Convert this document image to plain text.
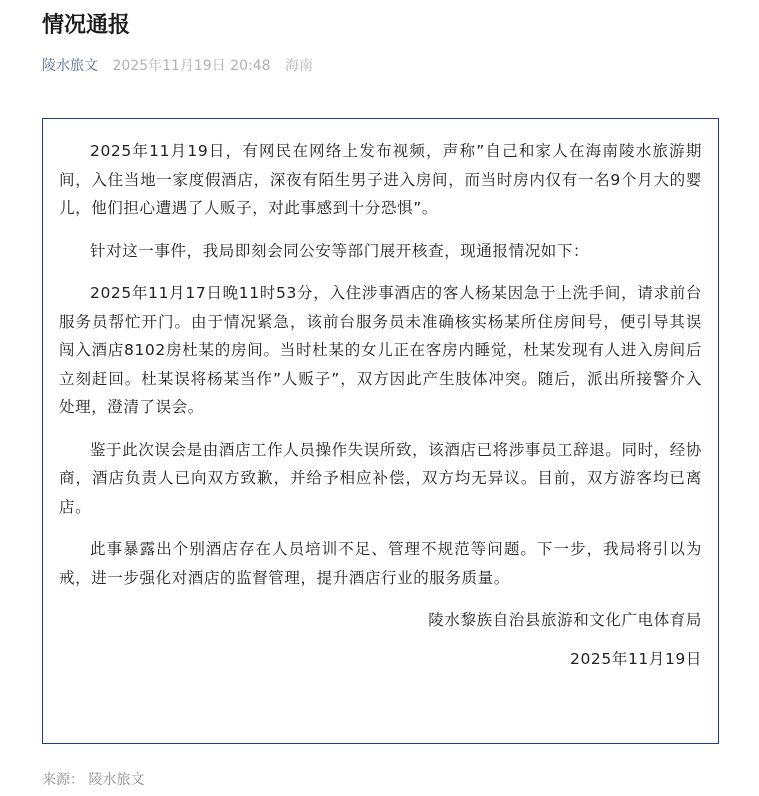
情况通报
陵水旅文 2025年11月19日 20:48 海南

2025年11月19日，有网民在网络上发布视频，声称”自己和家人在海南陵水旅游期间，入住当地一家度假酒店，深夜有陌生男子进入房间，而当时房内仅有一名9个月大的婴儿，他们担心遭遇了人贩子，对此事感到十分恐惧”。

针对这一事件，我局即刻会同公安等部门展开核查，现通报情况如下：

2025年11月17日晚11时53分，入住涉事酒店的客人杨某因急于上洗手间，请求前台服务员帮忙开门。由于情况紧急，该前台服务员未准确核实杨某所住房间号，便引导其误闯入酒店8102房杜某的房间。当时杜某的女儿正在客房内睡觉，杜某发现有人进入房间后立刻赶回。杜某误将杨某当作”人贩子”，双方因此产生肢体冲突。随后，派出所接警介入处理，澄清了误会。

鉴于此次误会是由酒店工作人员操作失误所致，该酒店已将涉事员工辞退。同时，经协商，酒店负责人已向双方致歉，并给予相应补偿，双方均无异议。目前，双方游客均已离店。

此事暴露出个别酒店存在人员培训不足、管理不规范等问题。下一步，我局将引以为戒，进一步强化对酒店的监督管理，提升酒店行业的服务质量。

陵水黎族自治县旅游和文化广电体育局

2025年11月19日

来源： 陵水旅文
